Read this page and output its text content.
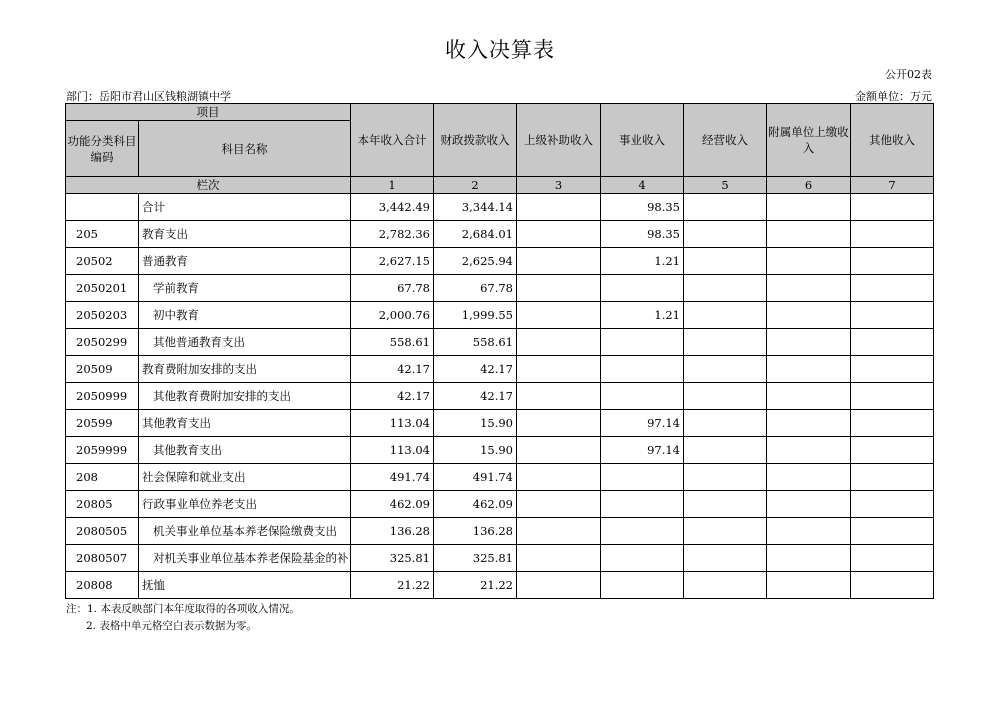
收入决算表
公开02表
部门：岳阳市君山区钱粮湖镇中学	金额单位：万元
项目		本年收入合计	财政拨款收入	上级补助收入	事业收入	经营收入	附属单位上缴收入	其他收入
功能分类科目编码	科目名称							
栏次		1	2	3	4	5	6	7
	合计	3,442.49	3,344.14		98.35			
205	教育支出	2,782.36	2,684.01		98.35			
20502	普通教育	2,627.15	2,625.94		1.21			
2050201	学前教育	67.78	67.78					
2050203	初中教育	2,000.76	1,999.55		1.21			
2050299	其他普通教育支出	558.61	558.61					
20509	教育费附加安排的支出	42.17	42.17					
2050999	其他教育费附加安排的支出	42.17	42.17					
20599	其他教育支出	113.04	15.90		97.14			
2059999	其他教育支出	113.04	15.90		97.14			
208	社会保障和就业支出	491.74	491.74					
20805	行政事业单位养老支出	462.09	462.09					
2080505	机关事业单位基本养老保险缴费支出	136.28	136.28					
2080507	对机关事业单位基本养老保险基金的补	325.81	325.81					
20808	抚恤	21.22	21.22					
注：1. 本表反映部门本年度取得的各项收入情况。
2. 表格中单元格空白表示数据为零。
